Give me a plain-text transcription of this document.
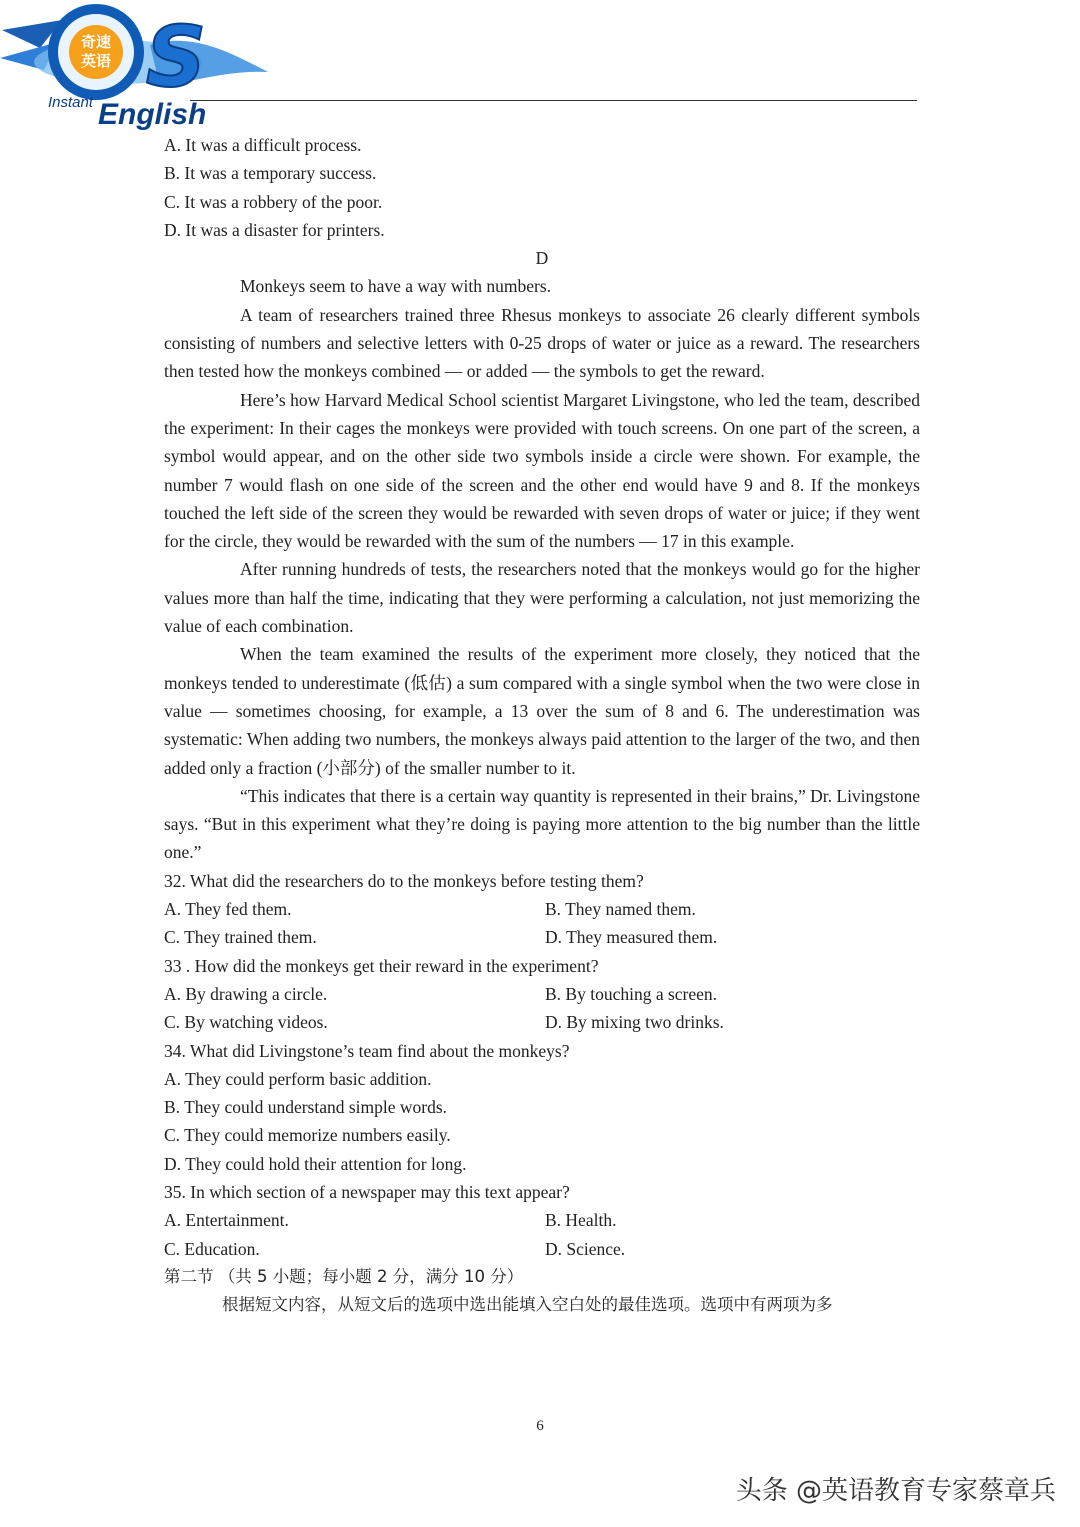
奇速
英语 S
Instant English
A. It was a difficult process.
B. It was a temporary success.
C. It was a robbery of the poor.
D. It was a disaster for printers.
D
Monkeys seem to have a way with numbers.
A team of researchers trained three Rhesus monkeys to associate 26 clearly different symbols consisting of numbers and selective letters with 0-25 drops of water or juice as a reward. The researchers then tested how the monkeys combined — or added — the symbols to get the reward.
Here’s how Harvard Medical School scientist Margaret Livingstone, who led the team, described the experiment: In their cages the monkeys were provided with touch screens. On one part of the screen, a symbol would appear, and on the other side two symbols inside a circle were shown. For example, the number 7 would flash on one side of the screen and the other end would have 9 and 8. If the monkeys touched the left side of the screen they would be rewarded with seven drops of water or juice; if they went for the circle, they would be rewarded with the sum of the numbers — 17 in this example.
After running hundreds of tests, the researchers noted that the monkeys would go for the higher values more than half the time, indicating that they were performing a calculation, not just memorizing the value of each combination.
When the team examined the results of the experiment more closely, they noticed that the monkeys tended to underestimate (低估) a sum compared with a single symbol when the two were close in value — sometimes choosing, for example, a 13 over the sum of 8 and 6. The underestimation was systematic: When adding two numbers, the monkeys always paid attention to the larger of the two, and then added only a fraction (小部分) of the smaller number to it.
“This indicates that there is a certain way quantity is represented in their brains,” Dr. Livingstone says. “But in this experiment what they’re doing is paying more attention to the big number than the little one.”
32. What did the researchers do to the monkeys before testing them?
A. They fed them.	B. They named them.
C. They trained them.	D. They measured them.
33 . How did the monkeys get their reward in the experiment?
A. By drawing a circle.	B. By touching a screen.
C. By watching videos.	D. By mixing two drinks.
34. What did Livingstone’s team find about the monkeys?
A. They could perform basic addition.
B. They could understand simple words.
C. They could memorize numbers easily.
D. They could hold their attention for long.
35. In which section of a newspaper may this text appear?
A. Entertainment.	B. Health.
C. Education.	D. Science.
第二节 （共 5 小题；每小题 2 分，满分 10 分）
根据短文内容，从短文后的选项中选出能填入空白处的最佳选项。选项中有两项为多
6
头条 @英语教育专家蔡章兵
